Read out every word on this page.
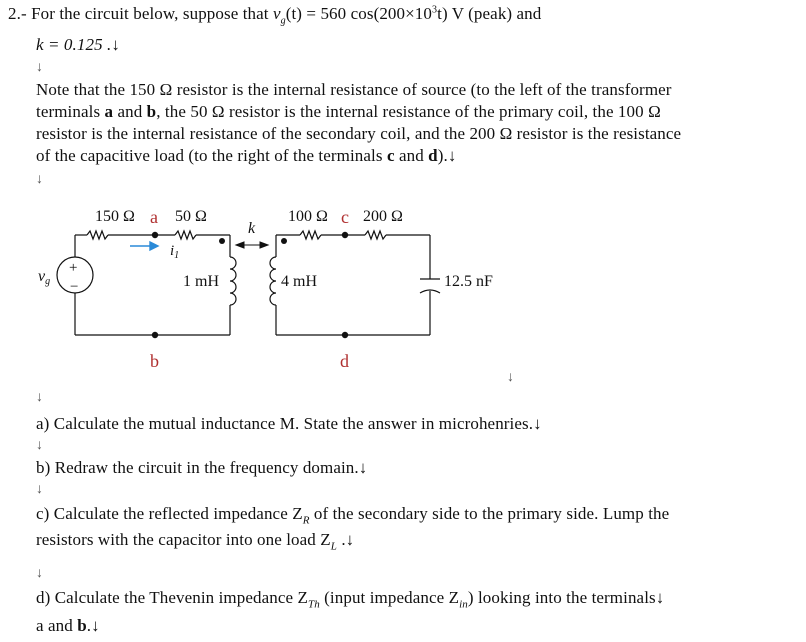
2.- For the circuit below, suppose that $v_g(t) = 560$ $\cos(200\times 10^3t)$ V (peak) and
k = 0.125 .↓
↓
Note that the 150 Ω resistor is the internal resistance of source (to the left of the transformer
terminals a and b, the 50 Ω resistor is the internal resistance of the primary coil, the 100 Ω
resistor is the internal resistance of the secondary coil, and the 200 Ω resistor is the resistance
of the capacitive load (to the right of the terminals c and d).↓
↓
150 Ω a 50 Ω
k
100 Ω c 200 Ω
$i_1$
vg
+
−	1 mH	4 mH	12.5 nF
b	d
↓
↓
a) Calculate the mutual inductance M. State the answer in microhenries.↓
↓
b) Redraw the circuit in the frequency domain.↓
↓
c) Calculate the reflected impedance $Z_R$ of the secondary side to the primary side. Lump the
resistors with the capacitor into one load $Z_L$ .↓
↓
d) Calculate the Thevenin impedance $Z_{Th}$ (input impedance $Z_{in}$) looking into the terminals↓
a and b.↓
